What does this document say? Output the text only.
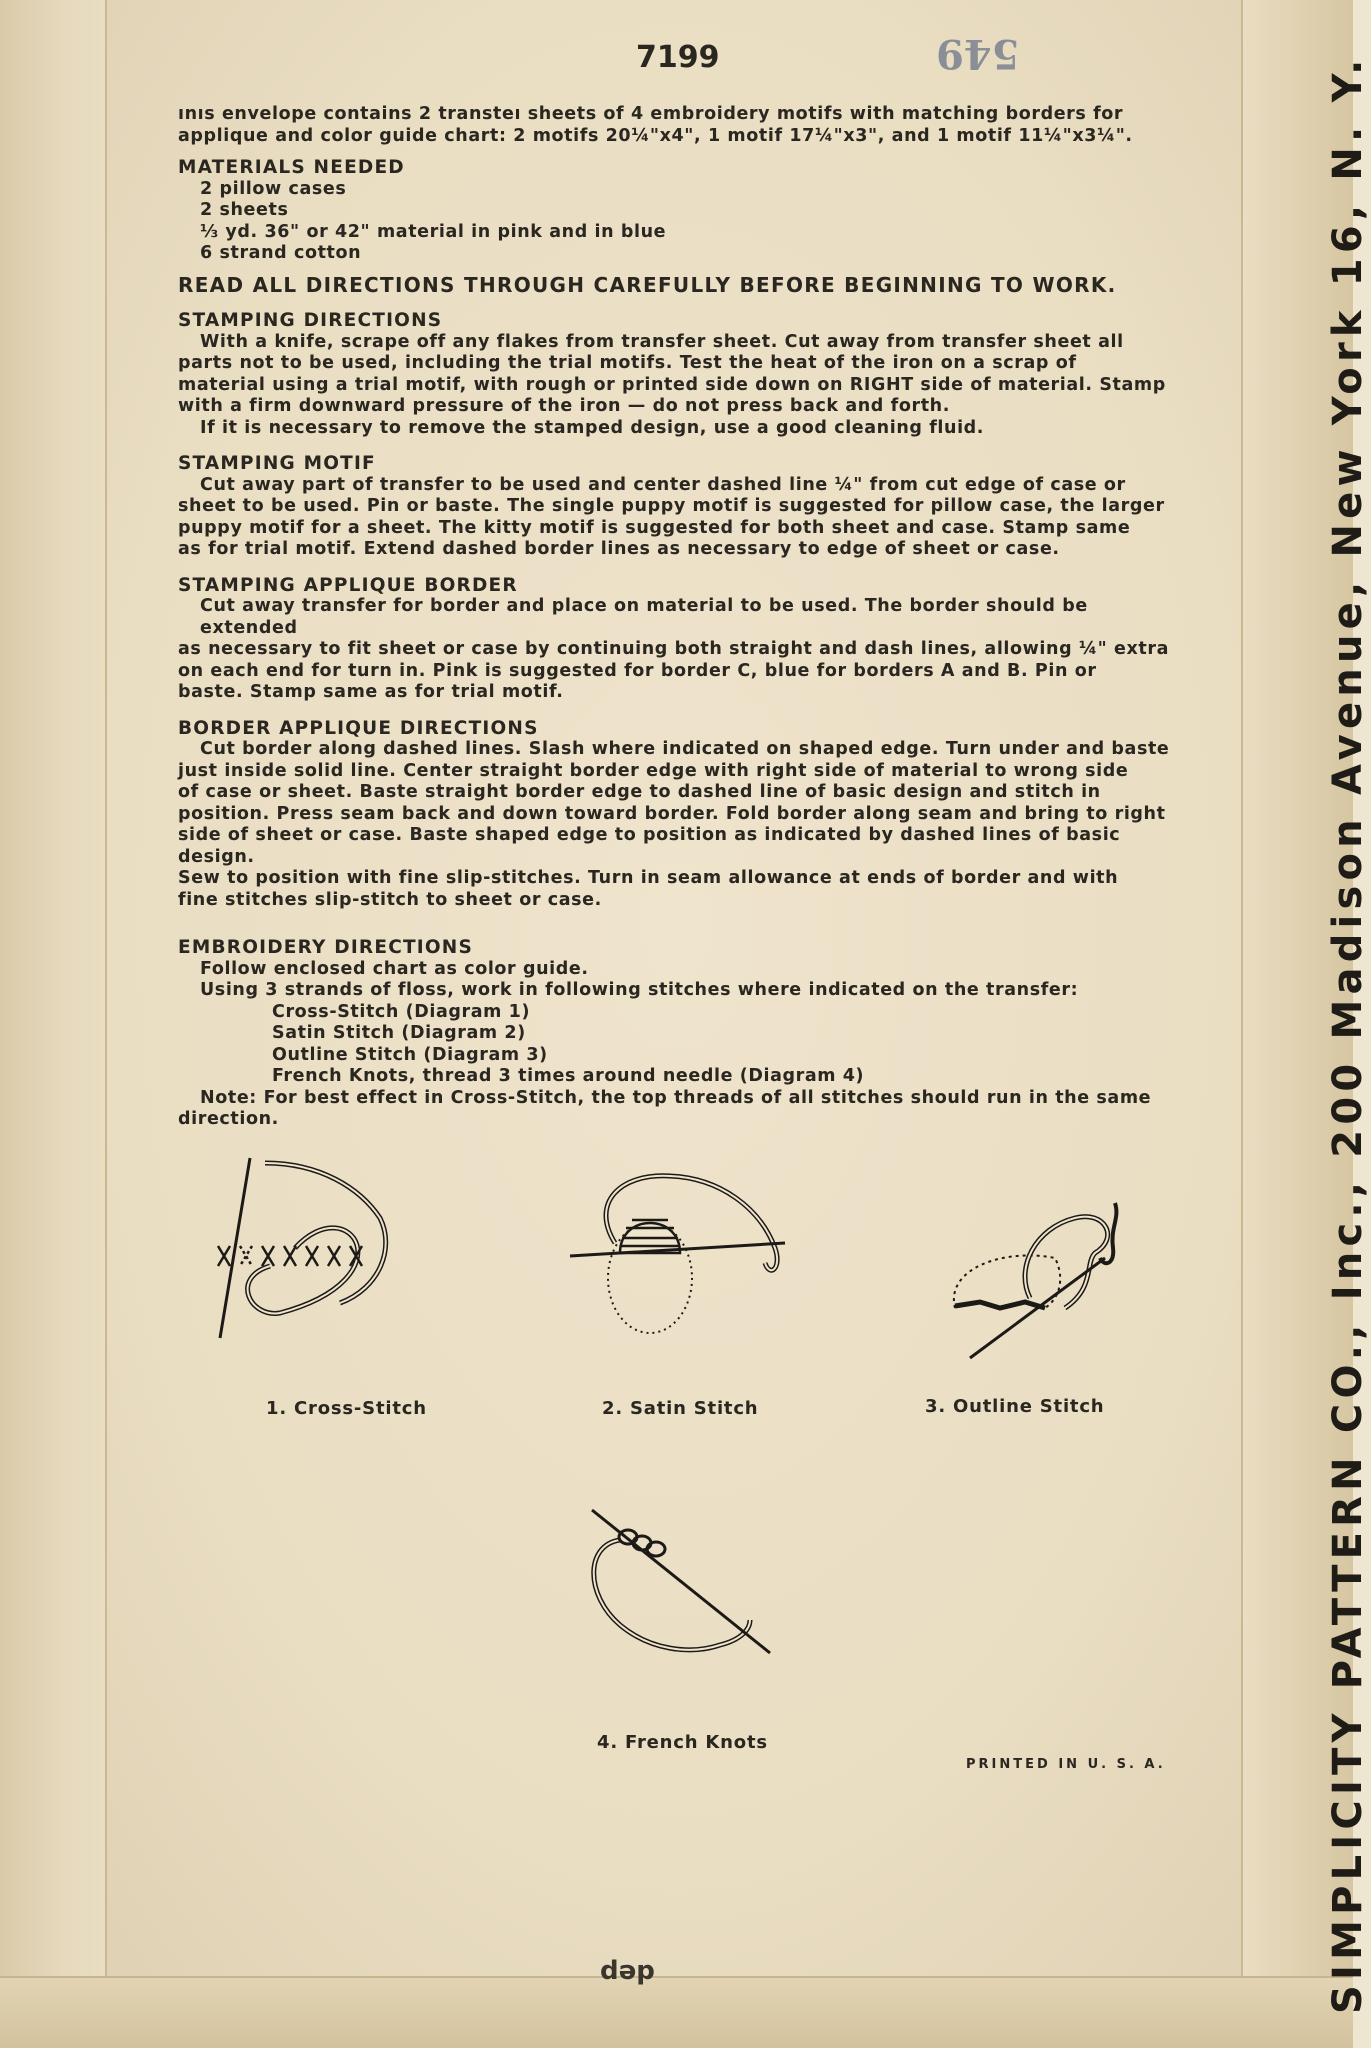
7199	549

ınıs envelope contains 2 transteı sheets of 4 embroidery motifs with matching borders for

applique and color guide chart: 2 motifs 20¼"x4", 1 motif 17¼"x3", and 1 motif 11¼"x3¼".

MATERIALS NEEDED

2 pillow cases

2 sheets

⅓ yd. 36" or 42" material in pink and in blue

6 strand cotton

READ ALL DIRECTIONS THROUGH CAREFULLY BEFORE BEGINNING TO WORK.

STAMPING DIRECTIONS

With a knife, scrape off any flakes from transfer sheet. Cut away from transfer sheet all

parts not to be used, including the trial motifs. Test the heat of the iron on a scrap of

material using a trial motif, with rough or printed side down on RIGHT side of material. Stamp

with a firm downward pressure of the iron — do not press back and forth.

If it is necessary to remove the stamped design, use a good cleaning fluid.

STAMPING MOTIF

Cut away part of transfer to be used and center dashed line ¼" from cut edge of case or

sheet to be used. Pin or baste. The single puppy motif is suggested for pillow case, the larger

puppy motif for a sheet. The kitty motif is suggested for both sheet and case. Stamp same

as for trial motif. Extend dashed border lines as necessary to edge of sheet or case.

STAMPING APPLIQUE BORDER

Cut away transfer for border and place on material to be used. The border should be extended

as necessary to fit sheet or case by continuing both straight and dash lines, allowing ¼" extra

on each end for turn in. Pink is suggested for border C, blue for borders A and B. Pin or

baste. Stamp same as for trial motif.

BORDER APPLIQUE DIRECTIONS

Cut border along dashed lines. Slash where indicated on shaped edge. Turn under and baste

just inside solid line. Center straight border edge with right side of material to wrong side

of case or sheet. Baste straight border edge to dashed line of basic design and stitch in

position. Press seam back and down toward border. Fold border along seam and bring to right

side of sheet or case. Baste shaped edge to position as indicated by dashed lines of basic design.

Sew to position with fine slip-stitches. Turn in seam allowance at ends of border and with

fine stitches slip-stitch to sheet or case.

EMBROIDERY DIRECTIONS

Follow enclosed chart as color guide.

Using 3 strands of floss, work in following stitches where indicated on the transfer:

Cross-Stitch (Diagram 1)

Satin Stitch (Diagram 2)

Outline Stitch (Diagram 3)

French Knots, thread 3 times around needle (Diagram 4)

Note: For best effect in Cross-Stitch, the top threads of all stitches should run in the same

direction.

1. Cross-Stitch	2. Satin Stitch	3. Outline Stitch
4. French Knots
PRINTED IN U. S. A.	SIMPLICITY PATTERN CO., Inc., 200 Madison Avenue, New York 16, N. Y.
dep
